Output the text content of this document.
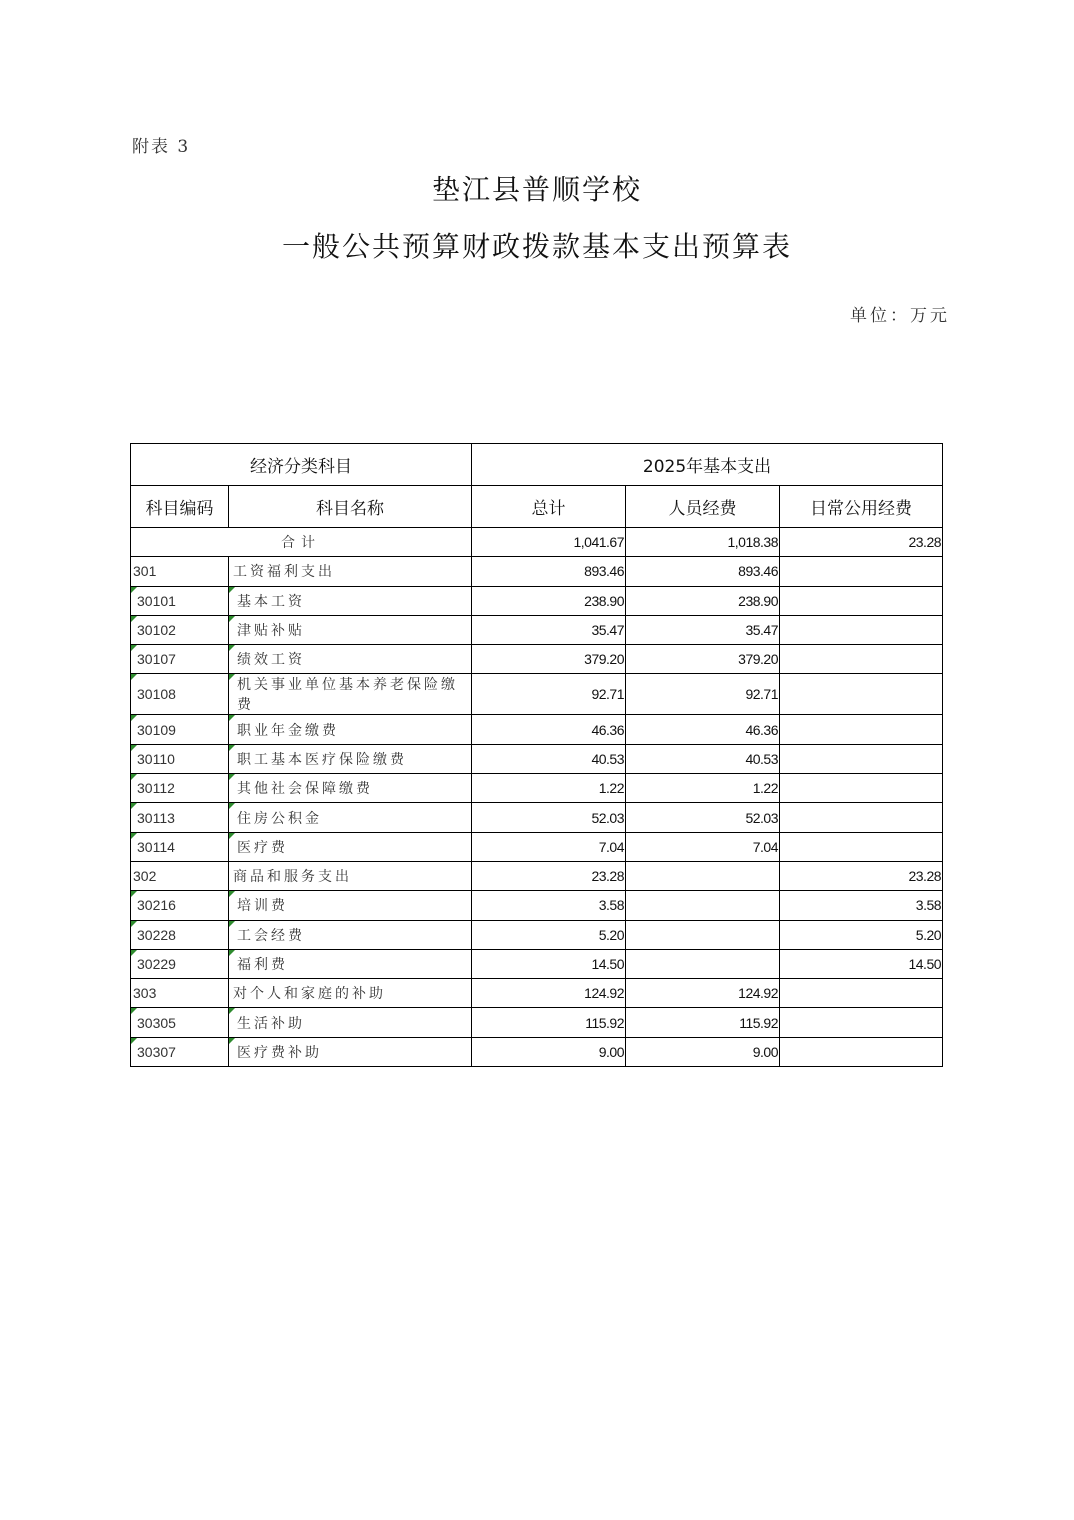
附表 3
垫江县普顺学校
一般公共预算财政拨款基本支出预算表
单位：万元
经济分类科目		2025年基本支出		
科目编码	科目名称	总计	人员经费	日常公用经费
合计		1,041.67	1,018.38	23.28
301	工资福利支出	893.46	893.46	

30101	基本工资	238.90	238.90	

30102	津贴补贴	35.47	35.47	

30107	绩效工资	379.20	379.20	

30108	机关事业单位基本养老保险缴费	92.71	92.71	

30109	职业年金缴费	46.36	46.36	

30110	职工基本医疗保险缴费	40.53	40.53	

30112	其他社会保障缴费	1.22	1.22	

30113	住房公积金	52.03	52.03	

30114	医疗费	7.04	7.04	
302	商品和服务支出	23.28		23.28

30216	培训费	3.58		3.58

30228	工会经费	5.20		5.20

30229	福利费	14.50		14.50
303	对个人和家庭的补助	124.92	124.92	

30305	生活补助	115.92	115.92	

30307	医疗费补助	9.00	9.00	
